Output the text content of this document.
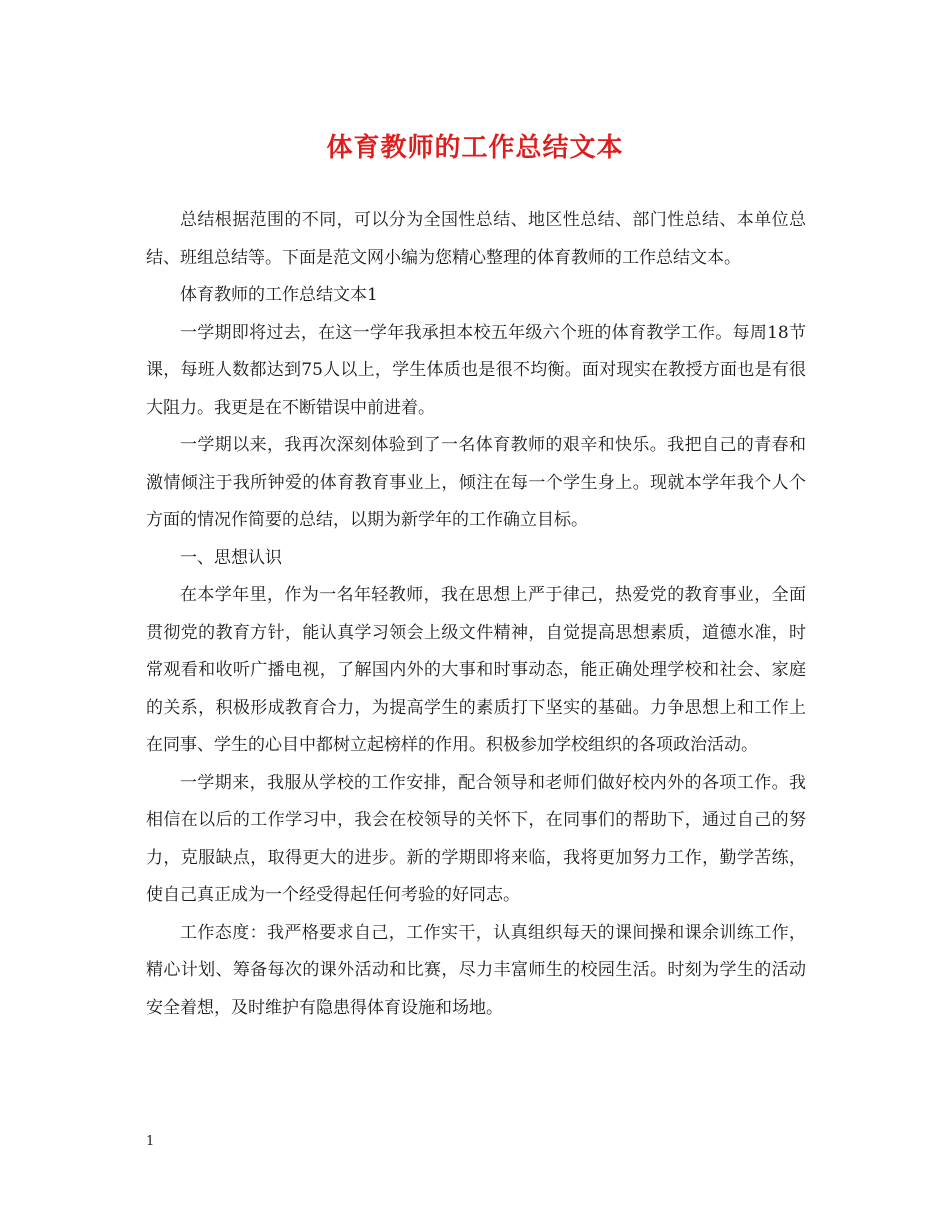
体育教师的工作总结文本

总结根据范围的不同，可以分为全国性总结、地区性总结、部门性总结、本单位总结、班组总结等。下面是范文网小编为您精心整理的体育教师的工作总结文本。

体育教师的工作总结文本1

一学期即将过去，在这一学年我承担本校五年级六个班的体育教学工作。每周18节课，每班人数都达到75人以上，学生体质也是很不均衡。面对现实在教授方面也是有很大阻力。我更是在不断错误中前进着。

一学期以来，我再次深刻体验到了一名体育教师的艰辛和快乐。我把自己的青春和激情倾注于我所钟爱的体育教育事业上，倾注在每一个学生身上。现就本学年我个人个方面的情况作简要的总结，以期为新学年的工作确立目标。

一、思想认识

在本学年里，作为一名年轻教师，我在思想上严于律己，热爱党的教育事业，全面贯彻党的教育方针，能认真学习领会上级文件精神，自觉提高思想素质，道德水准，时常观看和收听广播电视，了解国内外的大事和时事动态，能正确处理学校和社会、家庭的关系，积极形成教育合力，为提高学生的素质打下坚实的基础。力争思想上和工作上在同事、学生的心目中都树立起榜样的作用。积极参加学校组织的各项政治活动。

一学期来，我服从学校的工作安排，配合领导和老师们做好校内外的各项工作。我相信在以后的工作学习中，我会在校领导的关怀下，在同事们的帮助下，通过自己的努力，克服缺点，取得更大的进步。新的学期即将来临，我将更加努力工作，勤学苦练，使自己真正成为一个经受得起任何考验的好同志。

工作态度：我严格要求自己，工作实干，认真组织每天的课间操和课余训练工作，精心计划、筹备每次的课外活动和比赛，尽力丰富师生的校园生活。时刻为学生的活动安全着想，及时维护有隐患得体育设施和场地。

1
